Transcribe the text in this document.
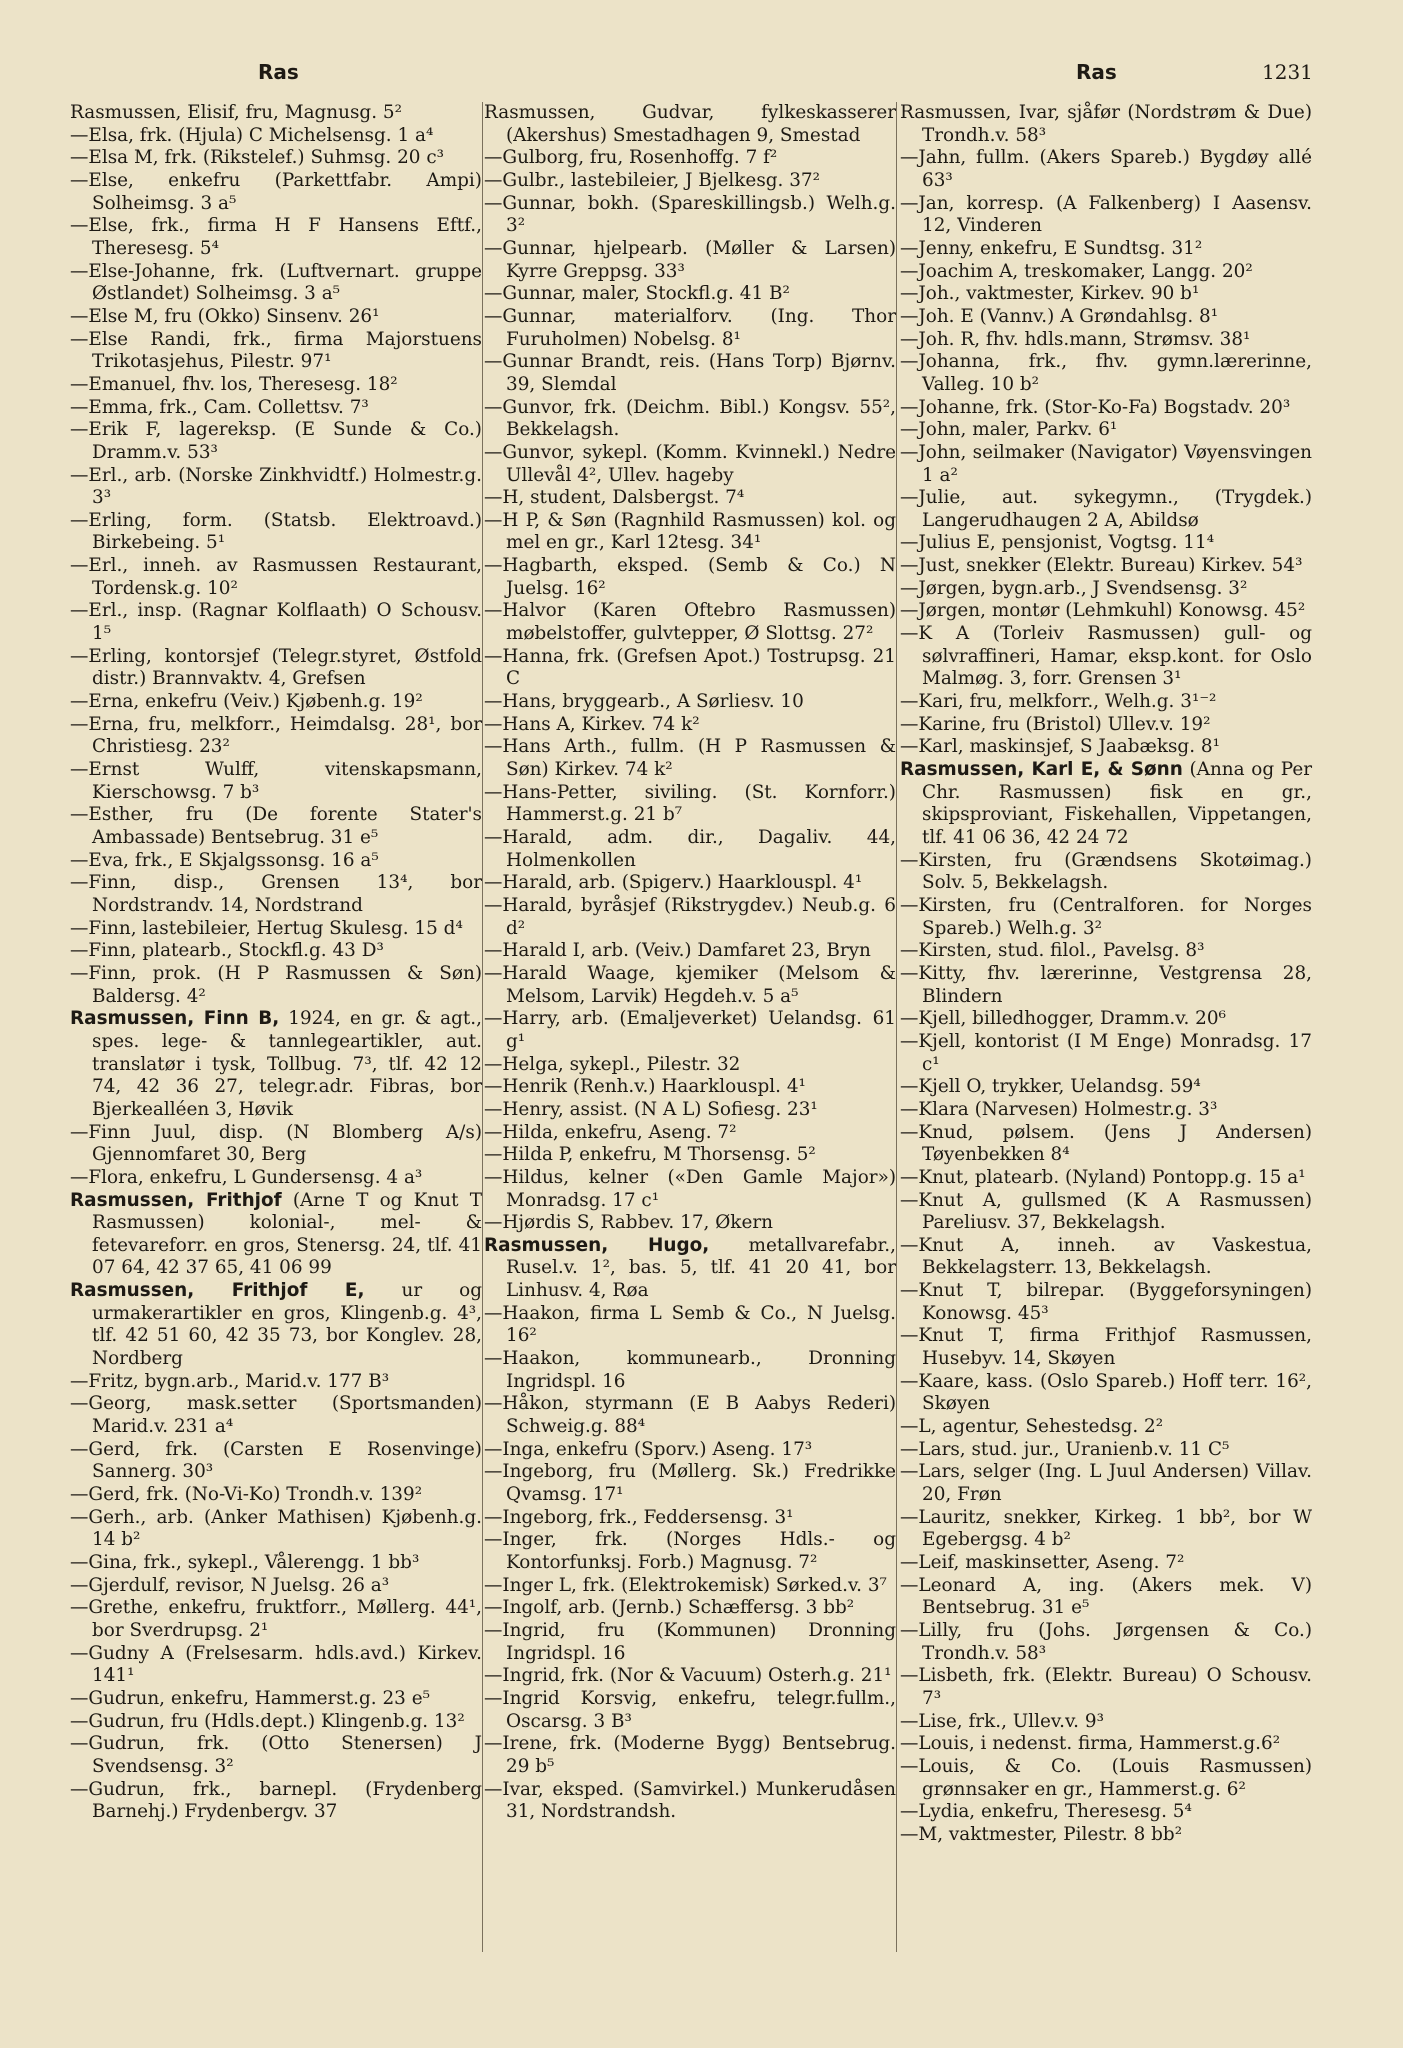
Ras	Ras	1231

Rasmussen, Elisif, fru, Magnusg. 5²

—Elsa, frk. (Hjula) C Michelsensg. 1 a⁴

—Elsa M, frk. (Rikstelef.) Suhmsg. 20 c³

—Else, enkefru (Parkettfabr. Ampi) Solheimsg. 3 a⁵

—Else, frk., firma H F Hansens Eftf., Theresesg. 5⁴

—Else-Johanne, frk. (Luftvernart. gruppe Østlandet) Solheimsg. 3 a⁵

—Else M, fru (Okko) Sinsenv. 26¹

—Else Randi, frk., firma Majorstuens Trikotasjehus, Pilestr. 97¹

—Emanuel, fhv. los, Theresesg. 18²

—Emma, frk., Cam. Collettsv. 7³

—Erik F, lagereksp. (E Sunde & Co.) Dramm.v. 53³

—Erl., arb. (Norske Zinkhvidtf.) Holmestr.g. 3³

—Erling, form. (Statsb. Elektroavd.) Birkebeing. 5¹

—Erl., inneh. av Rasmussen Restaurant, Tordensk.g. 10²

—Erl., insp. (Ragnar Kolflaath) O Schousv. 1⁵

—Erling, kontorsjef (Telegr.styret, Østfold distr.) Brannvaktv. 4, Grefsen

—Erna, enkefru (Veiv.) Kjøbenh.g. 19²

—Erna, fru, melkforr., Heimdalsg. 28¹, bor Christiesg. 23²

—Ernst Wulff, vitenskapsmann, Kierschowsg. 7 b³

—Esther, fru (De forente Stater's Ambassade) Bentsebrug. 31 e⁵

—Eva, frk., E Skjalgssonsg. 16 a⁵

—Finn, disp., Grensen 13⁴, bor Nordstrandv. 14, Nordstrand

—Finn, lastebileier, Hertug Skulesg. 15 d⁴

—Finn, platearb., Stockfl.g. 43 D³

—Finn, prok. (H P Rasmussen & Søn) Baldersg. 4²

Rasmussen, Finn B, 1924, en gr. & agt., spes. lege- & tannlegeartikler, aut. translatør i tysk, Tollbug. 7³, tlf. 42 12 74, 42 36 27, telegr.adr. Fibras, bor Bjerkealléen 3, Høvik

—Finn Juul, disp. (N Blomberg A/s) Gjennomfaret 30, Berg

—Flora, enkefru, L Gundersensg. 4 a³

Rasmussen, Frithjof (Arne T og Knut T Rasmussen) kolonial-, mel- & fetevareforr. en gros, Stenersg. 24, tlf. 41 07 64, 42 37 65, 41 06 99

Rasmussen, Frithjof E, ur og urmakerartikler en gros, Klingenb.g. 4³, tlf. 42 51 60, 42 35 73, bor Konglev. 28, Nordberg

—Fritz, bygn.arb., Marid.v. 177 B³

—Georg, mask.setter (Sportsmanden) Marid.v. 231 a⁴

—Gerd, frk. (Carsten E Rosenvinge) Sannerg. 30³

—Gerd, frk. (No-Vi-Ko) Trondh.v. 139²

—Gerh., arb. (Anker Mathisen) Kjøbenh.g. 14 b²

—Gina, frk., sykepl., Vålerengg. 1 bb³

—Gjerdulf, revisor, N Juelsg. 26 a³

—Grethe, enkefru, fruktforr., Møllerg. 44¹, bor Sverdrupsg. 2¹

—Gudny A (Frelsesarm. hdls.avd.) Kirkev. 141¹

—Gudrun, enkefru, Hammerst.g. 23 e⁵

—Gudrun, fru (Hdls.dept.) Klingenb.g. 13²

—Gudrun, frk. (Otto Stenersen) J Svendsensg. 3²

—Gudrun, frk., barnepl. (Frydenberg Barnehj.) Frydenbergv. 37

Rasmussen, Gudvar, fylkeskasserer (Akershus) Smestadhagen 9, Smestad

—Gulborg, fru, Rosenhoffg. 7 f²

—Gulbr., lastebileier, J Bjelkesg. 37²

—Gunnar, bokh. (Spareskillingsb.) Welh.g. 3²

—Gunnar, hjelpearb. (Møller & Larsen) Kyrre Greppsg. 33³

—Gunnar, maler, Stockfl.g. 41 B²

—Gunnar, materialforv. (Ing. Thor Furuholmen) Nobelsg. 8¹

—Gunnar Brandt, reis. (Hans Torp) Bjørnv. 39, Slemdal

—Gunvor, frk. (Deichm. Bibl.) Kongsv. 55², Bekkelagsh.

—Gunvor, sykepl. (Komm. Kvinnekl.) Nedre Ullevål 4², Ullev. hageby

—H, student, Dalsbergst. 7⁴

—H P, & Søn (Ragnhild Rasmussen) kol. og mel en gr., Karl 12tesg. 34¹

—Hagbarth, eksped. (Semb & Co.) N Juelsg. 16²

—Halvor (Karen Oftebro Rasmussen) møbelstoffer, gulvtepper, Ø Slottsg. 27²

—Hanna, frk. (Grefsen Apot.) Tostrupsg. 21 C

—Hans, bryggearb., A Sørliesv. 10

—Hans A, Kirkev. 74 k²

—Hans Arth., fullm. (H P Rasmussen & Søn) Kirkev. 74 k²

—Hans-Petter, siviling. (St. Kornforr.) Hammerst.g. 21 b⁷

—Harald, adm. dir., Dagaliv. 44, Holmenkollen

—Harald, arb. (Spigerv.) Haarklouspl. 4¹

—Harald, byråsjef (Rikstrygdev.) Neub.g. 6 d²

—Harald I, arb. (Veiv.) Damfaret 23, Bryn

—Harald Waage, kjemiker (Melsom & Melsom, Larvik) Hegdeh.v. 5 a⁵

—Harry, arb. (Emaljeverket) Uelandsg. 61 g¹

—Helga, sykepl., Pilestr. 32

—Henrik (Renh.v.) Haarklouspl. 4¹

—Henry, assist. (N A L) Sofiesg. 23¹

—Hilda, enkefru, Aseng. 7²

—Hilda P, enkefru, M Thorsensg. 5²

—Hildus, kelner («Den Gamle Major») Monradsg. 17 c¹

—Hjørdis S, Rabbev. 17, Økern

Rasmussen, Hugo, metallvarefabr., Rusel.v. 1², bas. 5, tlf. 41 20 41, bor Linhusv. 4, Røa

—Haakon, firma L Semb & Co., N Juelsg. 16²

—Haakon, kommunearb., Dronning Ingridspl. 16

—Håkon, styrmann (E B Aabys Rederi) Schweig.g. 88⁴

—Inga, enkefru (Sporv.) Aseng. 17³

—Ingeborg, fru (Møllerg. Sk.) Fredrikke Qvamsg. 17¹

—Ingeborg, frk., Feddersensg. 3¹

—Inger, frk. (Norges Hdls.- og Kontorfunksj. Forb.) Magnusg. 7²

—Inger L, frk. (Elektrokemisk) Sørked.v. 3⁷

—Ingolf, arb. (Jernb.) Schæffersg. 3 bb²

—Ingrid, fru (Kommunen) Dronning Ingridspl. 16

—Ingrid, frk. (Nor & Vacuum) Osterh.g. 21¹

—Ingrid Korsvig, enkefru, telegr.fullm., Oscarsg. 3 B³

—Irene, frk. (Moderne Bygg) Bentsebrug. 29 b⁵

—Ivar, eksped. (Samvirkel.) Munkerudåsen 31, Nordstrandsh.

Rasmussen, Ivar, sjåfør (Nordstrøm & Due) Trondh.v. 58³

—Jahn, fullm. (Akers Spareb.) Bygdøy allé 63³

—Jan, korresp. (A Falkenberg) I Aasensv. 12, Vinderen

—Jenny, enkefru, E Sundtsg. 31²

—Joachim A, treskomaker, Langg. 20²

—Joh., vaktmester, Kirkev. 90 b¹

—Joh. E (Vannv.) A Grøndahlsg. 8¹

—Joh. R, fhv. hdls.mann, Strømsv. 38¹

—Johanna, frk., fhv. gymn.lærerinne, Valleg. 10 b²

—Johanne, frk. (Stor-Ko-Fa) Bogstadv. 20³

—John, maler, Parkv. 6¹

—John, seilmaker (Navigator) Vøyensvingen 1 a²

—Julie, aut. sykegymn., (Trygdek.) Langerudhaugen 2 A, Abildsø

—Julius E, pensjonist, Vogtsg. 11⁴

—Just, snekker (Elektr. Bureau) Kirkev. 54³

—Jørgen, bygn.arb., J Svendsensg. 3²

—Jørgen, montør (Lehmkuhl) Konowsg. 45²

—K A (Torleiv Rasmussen) gull- og sølvraffineri, Hamar, eksp.kont. for Oslo Malmøg. 3, forr. Grensen 3¹

—Kari, fru, melkforr., Welh.g. 3¹⁻²

—Karine, fru (Bristol) Ullev.v. 19²

—Karl, maskinsjef, S Jaabæksg. 8¹

Rasmussen, Karl E, & Sønn (Anna og Per Chr. Rasmussen) fisk en gr., skipsproviant, Fiskehallen, Vippetangen, tlf. 41 06 36, 42 24 72

—Kirsten, fru (Grændsens Skotøimag.) Solv. 5, Bekkelagsh.

—Kirsten, fru (Centralforen. for Norges Spareb.) Welh.g. 3²

—Kirsten, stud. filol., Pavelsg. 8³

—Kitty, fhv. lærerinne, Vestgrensa 28, Blindern

—Kjell, billedhogger, Dramm.v. 20⁶

—Kjell, kontorist (I M Enge) Monradsg. 17 c¹

—Kjell O, trykker, Uelandsg. 59⁴

—Klara (Narvesen) Holmestr.g. 3³

—Knud, pølsem. (Jens J Andersen) Tøyenbekken 8⁴

—Knut, platearb. (Nyland) Pontopp.g. 15 a¹

—Knut A, gullsmed (K A Rasmussen) Pareliusv. 37, Bekkelagsh.

—Knut A, inneh. av Vaskestua, Bekkelagsterr. 13, Bekkelagsh.

—Knut T, bilrepar. (Byggeforsyningen) Konowsg. 45³

—Knut T, firma Frithjof Rasmussen, Husebyv. 14, Skøyen

—Kaare, kass. (Oslo Spareb.) Hoff terr. 16², Skøyen

—L, agentur, Sehestedsg. 2²

—Lars, stud. jur., Uranienb.v. 11 C⁵

—Lars, selger (Ing. L Juul Andersen) Villav. 20, Frøn

—Lauritz, snekker, Kirkeg. 1 bb², bor W Egebergsg. 4 b²

—Leif, maskinsetter, Aseng. 7²

—Leonard A, ing. (Akers mek. V) Bentsebrug. 31 e⁵

—Lilly, fru (Johs. Jørgensen & Co.) Trondh.v. 58³

—Lisbeth, frk. (Elektr. Bureau) O Schousv. 7³

—Lise, frk., Ullev.v. 9³

—Louis, i nedenst. firma, Hammerst.g.6²

—Louis, & Co. (Louis Rasmussen) grønnsaker en gr., Hammerst.g. 6²

—Lydia, enkefru, Theresesg. 5⁴

—M, vaktmester, Pilestr. 8 bb²
